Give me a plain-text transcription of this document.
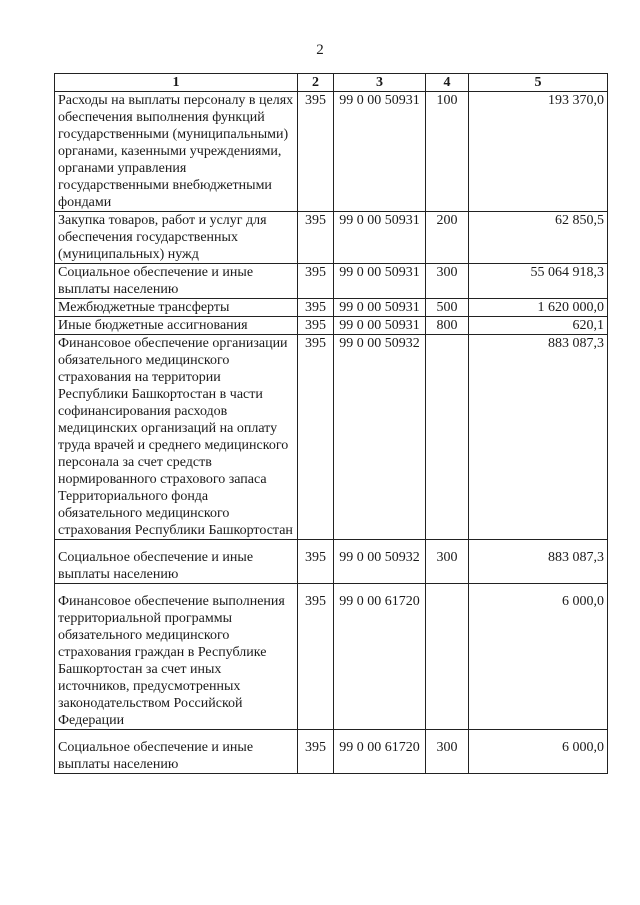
2
1	2	3	4	5
Расходы на выплаты персоналу в целях обеспечения выполнения функций государственными (муниципальными) органами, казенными учреждениями, органами управления государственными внебюджетными фондами	395	99 0 00 50931	100	193 370,0
Закупка товаров, работ и услуг для обеспечения государственных (муниципальных) нужд	395	99 0 00 50931	200	62 850,5
Социальное обеспечение и иные выплаты населению	395	99 0 00 50931	300	55 064 918,3
Межбюджетные трансферты	395	99 0 00 50931	500	1 620 000,0
Иные бюджетные ассигнования	395	99 0 00 50931	800	620,1
Финансовое обеспечение организации обязательного медицинского страхования на территории Республики Башкортостан в части софинансирования расходов медицинских организаций на оплату труда врачей и среднего медицинского персонала за счет средств нормированного страхового запаса Территориального фонда обязательного медицинского страхования Республики Башкортостан	395	99 0 00 50932		883 087,3
Социальное обеспечение и иные выплаты населению	395	99 0 00 50932	300	883 087,3
Финансовое обеспечение выполнения территориальной программы обязательного медицинского страхования граждан в Республике Башкортостан за счет иных источников, предусмотренных законодательством Российской Федерации	395	99 0 00 61720		6 000,0
Социальное обеспечение и иные выплаты населению	395	99 0 00 61720	300	6 000,0
